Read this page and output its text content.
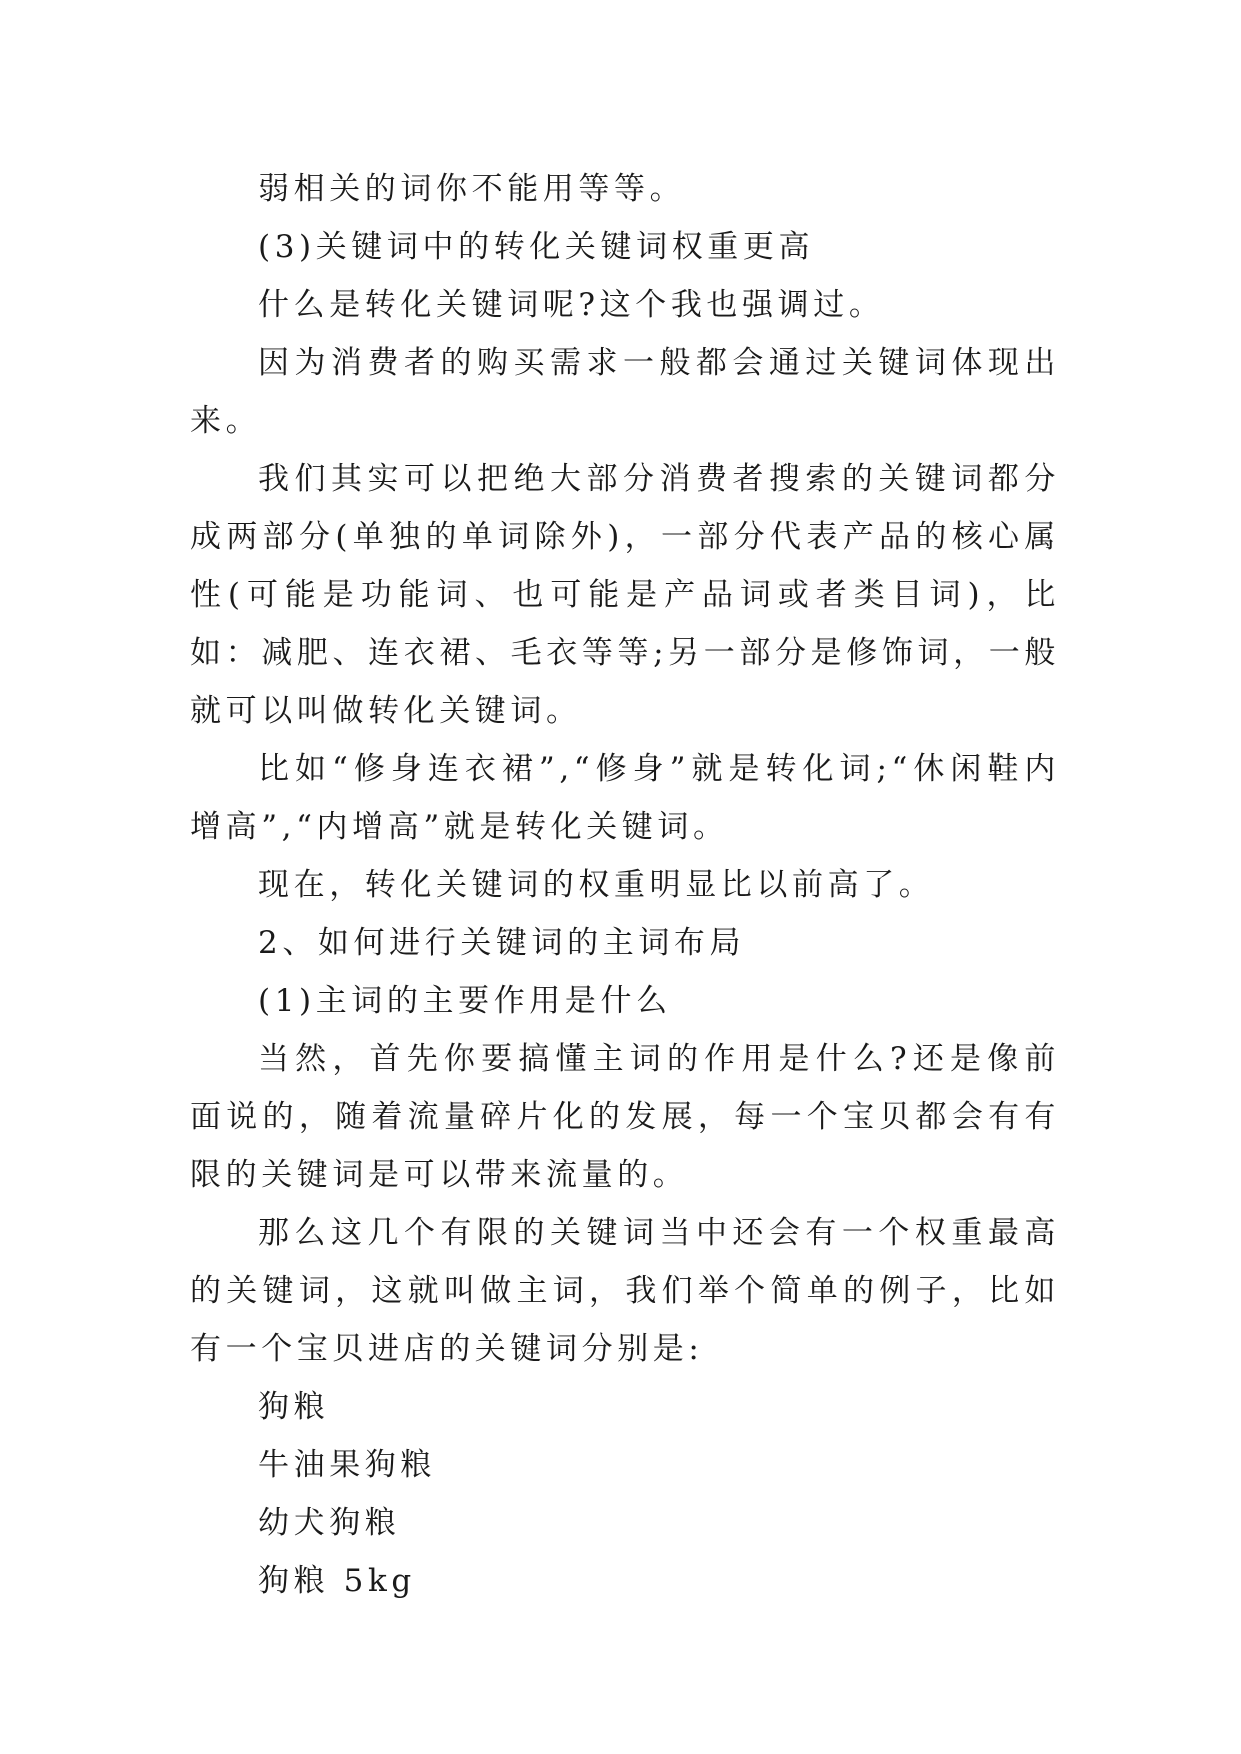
弱相关的词你不能用等等。

(3)关键词中的转化关键词权重更高

什么是转化关键词呢?这个我也强调过。

因为消费者的购买需求一般都会通过关键词体现出来。

我们其实可以把绝大部分消费者搜索的关键词都分成两部分(单独的单词除外)，一部分代表产品的核心属性(可能是功能词、也可能是产品词或者类目词)，比如：减肥、连衣裙、毛衣等等;另一部分是修饰词，一般就可以叫做转化关键词。

比如“修身连衣裙”,“修身”就是转化词;“休闲鞋内增高”,“内增高”就是转化关键词。

现在，转化关键词的权重明显比以前高了。

2、如何进行关键词的主词布局

(1)主词的主要作用是什么

当然，首先你要搞懂主词的作用是什么?还是像前面说的，随着流量碎片化的发展，每一个宝贝都会有有限的关键词是可以带来流量的。

那么这几个有限的关键词当中还会有一个权重最高的关键词，这就叫做主词，我们举个简单的例子，比如有一个宝贝进店的关键词分别是:

狗粮

牛油果狗粮

幼犬狗粮

狗粮 5kg
